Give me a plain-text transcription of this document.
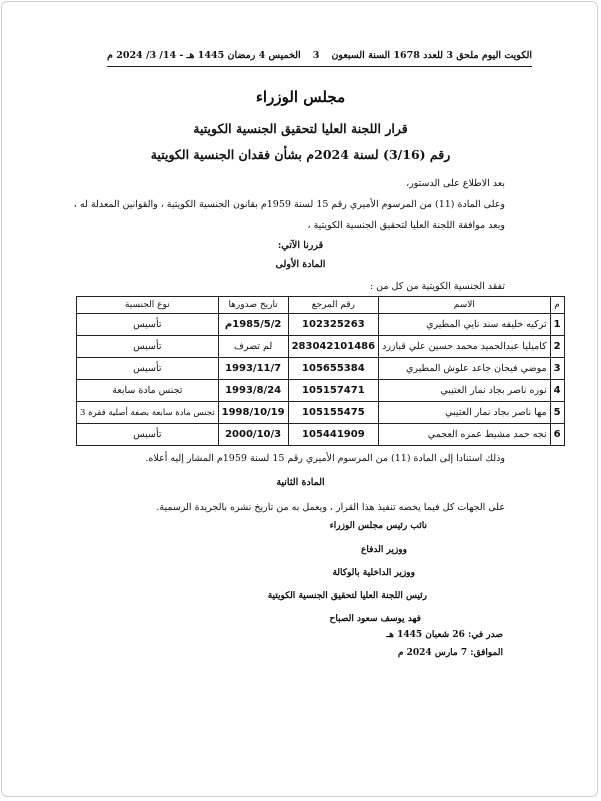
الكويت اليوم ملحق 3 للعدد 1678 السنة السبعون
3
الخميس 4 رمضان 1445 هـ - 14/ 3/ 2024 م
مجلس الوزراء
قرار اللجنة العليا لتحقيق الجنسية الكويتية
رقم (3/16) لسنة 2024م بشأن فقدان الجنسية الكويتية
بعد الاطلاع على الدستور،
وعلى المادة (11) من المرسوم الأميري رقم 15 لسنة 1959م بقانون الجنسية الكويتية ، والقوانين المعدلة له ،
وبعد موافقة اللجنة العليا لتحقيق الجنسية الكويتية ،
قررنا الآتي:
المادة الأولى
تفقد الجنسية الكويتية من كل من :
م	الاسم	رقم المرجع	تاريخ صدورها	نوع الجنسية
1	تركيه خليفه سند نايي المطيري	102325263	1985/5/2م	تأسيس
2	كاميليا عبدالحميد محمد حسين علي قبازرد	283042101486	لم تصرف	تأسيس
3	موضي فيحان جاعد علوش المطيري	105655384	1993/11/7	تأسيس
4	نوره ناصر بجاد نمار العتيبي	105157471	1993/8/24	تجنس مادة سابعة
5	مها ناصر بجاد نمار العتيبي	105155475	1998/10/19	تجنس مادة سابعة بصفة أصلية فقرة 3
6	نجه حمد مشيط عمره العجمي	105441909	2000/10/3	تأسيس
وذلك استنادا إلى المادة (11) من المرسوم الأميري رقم 15 لسنة 1959م المشار إليه أعلاه.
المادة الثانية
على الجهات كل فيما يخصه تنفيذ هذا القرار ، ويعمل به من تاريخ نشره بالجريدة الرسمية.
نائب رئيس مجلس الوزراء
ووزير الدفاع
ووزير الداخلية بالوكالة
رئيس اللجنة العليا لتحقيق الجنسية الكويتية
فهد يوسف سعود الصباح
صدر في: 26 شعبان 1445 هـ
الموافق: 7 مارس 2024 م
